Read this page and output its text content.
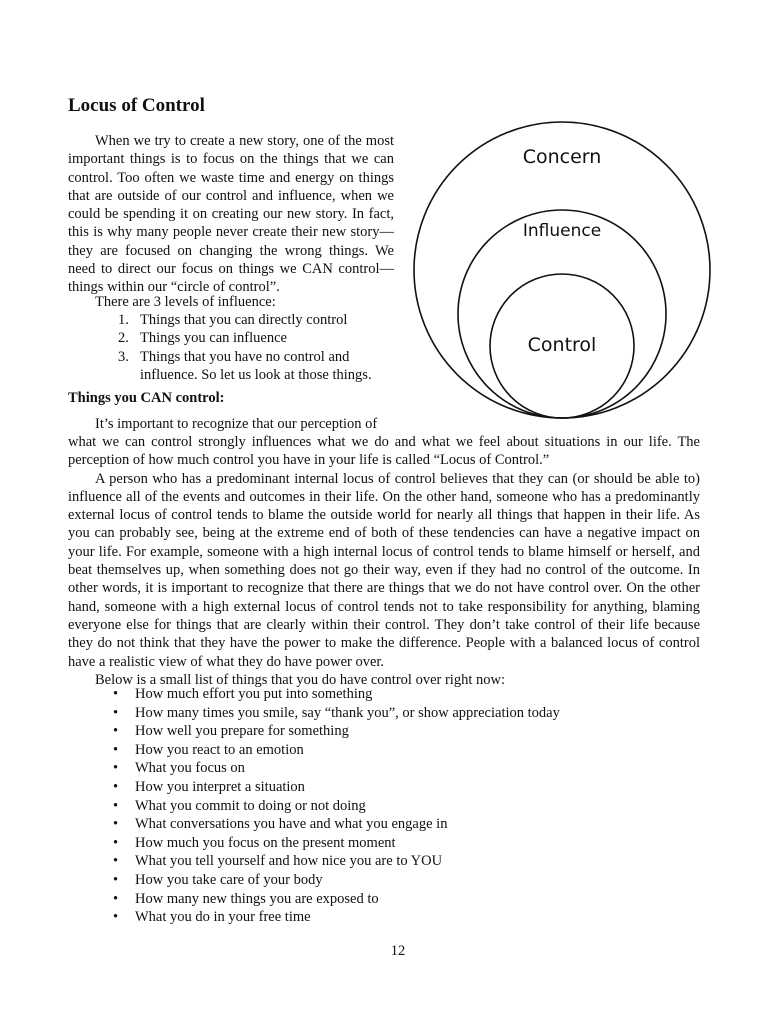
Locus of Control

When we try to create a new story, one of the most important things is to focus on the things that we can control. Too often we waste time and energy on things that are outside of our control and influence, when we could be spending it on creating our new story. In fact, this is why many people never create their new story—they are focused on changing the wrong things. We need to direct our focus on things we CAN control—things within our “circle of control”.

There are 3 levels of influence:

1. Things that you can directly control
2. Things you can influence
3. Things that you have no control and influence. So let us look at those things.
Concern
Influence
Control

Things you CAN control:

It’s important to recognize that our perception of

what we can control strongly influences what we do and what we feel about situations in our life. The perception of how much control you have in your life is called “Locus of Control.”

A person who has a predominant internal locus of control believes that they can (or should be able to) influence all of the events and outcomes in their life. On the other hand, someone who has a predominantly external locus of control tends to blame the outside world for nearly all things that happen in their life. As you can probably see, being at the extreme end of both of these tendencies can have a negative impact on your life. For example, someone with a high internal locus of control tends to blame himself or herself, and beat themselves up, when something does not go their way, even if they had no control of the outcome. In other words, it is important to recognize that there are things that we do not have control over. On the other hand, someone with a high external locus of control tends not to take responsibility for anything, blaming everyone else for things that are clearly within their control. They don’t take control of their life because they do not think that they have the power to make the difference. People with a balanced locus of control have a realistic view of what they do have power over.

Below is a small list of things that you do have control over right now:

• How much effort you put into something
• How many times you smile, say “thank you”, or show appreciation today
• How well you prepare for something
• How you react to an emotion
• What you focus on
• How you interpret a situation
• What you commit to doing or not doing
• What conversations you have and what you engage in
• How much you focus on the present moment
• What you tell yourself and how nice you are to YOU
• How you take care of your body
• How many new things you are exposed to
• What you do in your free time

12
